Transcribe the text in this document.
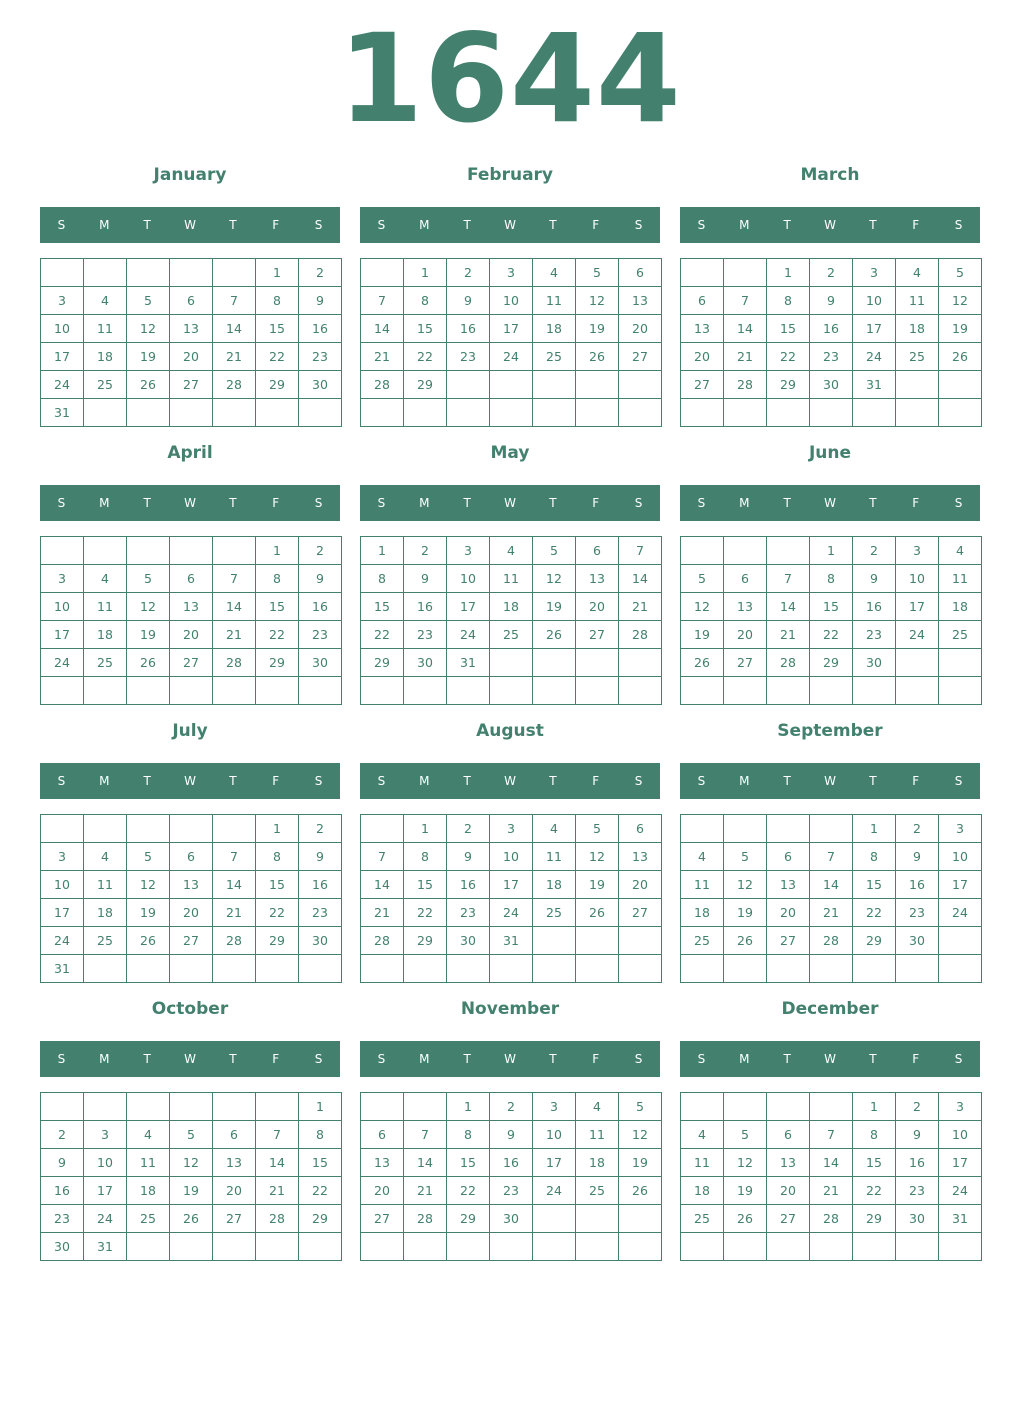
1644
January
S	M	T	W	T	F	S
					1	2
3	4	5	6	7	8	9
10	11	12	13	14	15	16
17	18	19	20	21	22	23
24	25	26	27	28	29	30
31						
February
S	M	T	W	T	F	S
	1	2	3	4	5	6
7	8	9	10	11	12	13
14	15	16	17	18	19	20
21	22	23	24	25	26	27
28	29					

March
S	M	T	W	T	F	S
		1	2	3	4	5
6	7	8	9	10	11	12
13	14	15	16	17	18	19
20	21	22	23	24	25	26
27	28	29	30	31		

April
S	M	T	W	T	F	S
					1	2
3	4	5	6	7	8	9
10	11	12	13	14	15	16
17	18	19	20	21	22	23
24	25	26	27	28	29	30

May
S	M	T	W	T	F	S
1	2	3	4	5	6	7
8	9	10	11	12	13	14
15	16	17	18	19	20	21
22	23	24	25	26	27	28
29	30	31				

June
S	M	T	W	T	F	S
			1	2	3	4
5	6	7	8	9	10	11
12	13	14	15	16	17	18
19	20	21	22	23	24	25
26	27	28	29	30		

July
S	M	T	W	T	F	S
					1	2
3	4	5	6	7	8	9
10	11	12	13	14	15	16
17	18	19	20	21	22	23
24	25	26	27	28	29	30
31						
August
S	M	T	W	T	F	S
	1	2	3	4	5	6
7	8	9	10	11	12	13
14	15	16	17	18	19	20
21	22	23	24	25	26	27
28	29	30	31			

September
S	M	T	W	T	F	S
				1	2	3
4	5	6	7	8	9	10
11	12	13	14	15	16	17
18	19	20	21	22	23	24
25	26	27	28	29	30	

October
S	M	T	W	T	F	S
						1
2	3	4	5	6	7	8
9	10	11	12	13	14	15
16	17	18	19	20	21	22
23	24	25	26	27	28	29
30	31					
November
S	M	T	W	T	F	S
		1	2	3	4	5
6	7	8	9	10	11	12
13	14	15	16	17	18	19
20	21	22	23	24	25	26
27	28	29	30			

December
S	M	T	W	T	F	S
				1	2	3
4	5	6	7	8	9	10
11	12	13	14	15	16	17
18	19	20	21	22	23	24
25	26	27	28	29	30	31
